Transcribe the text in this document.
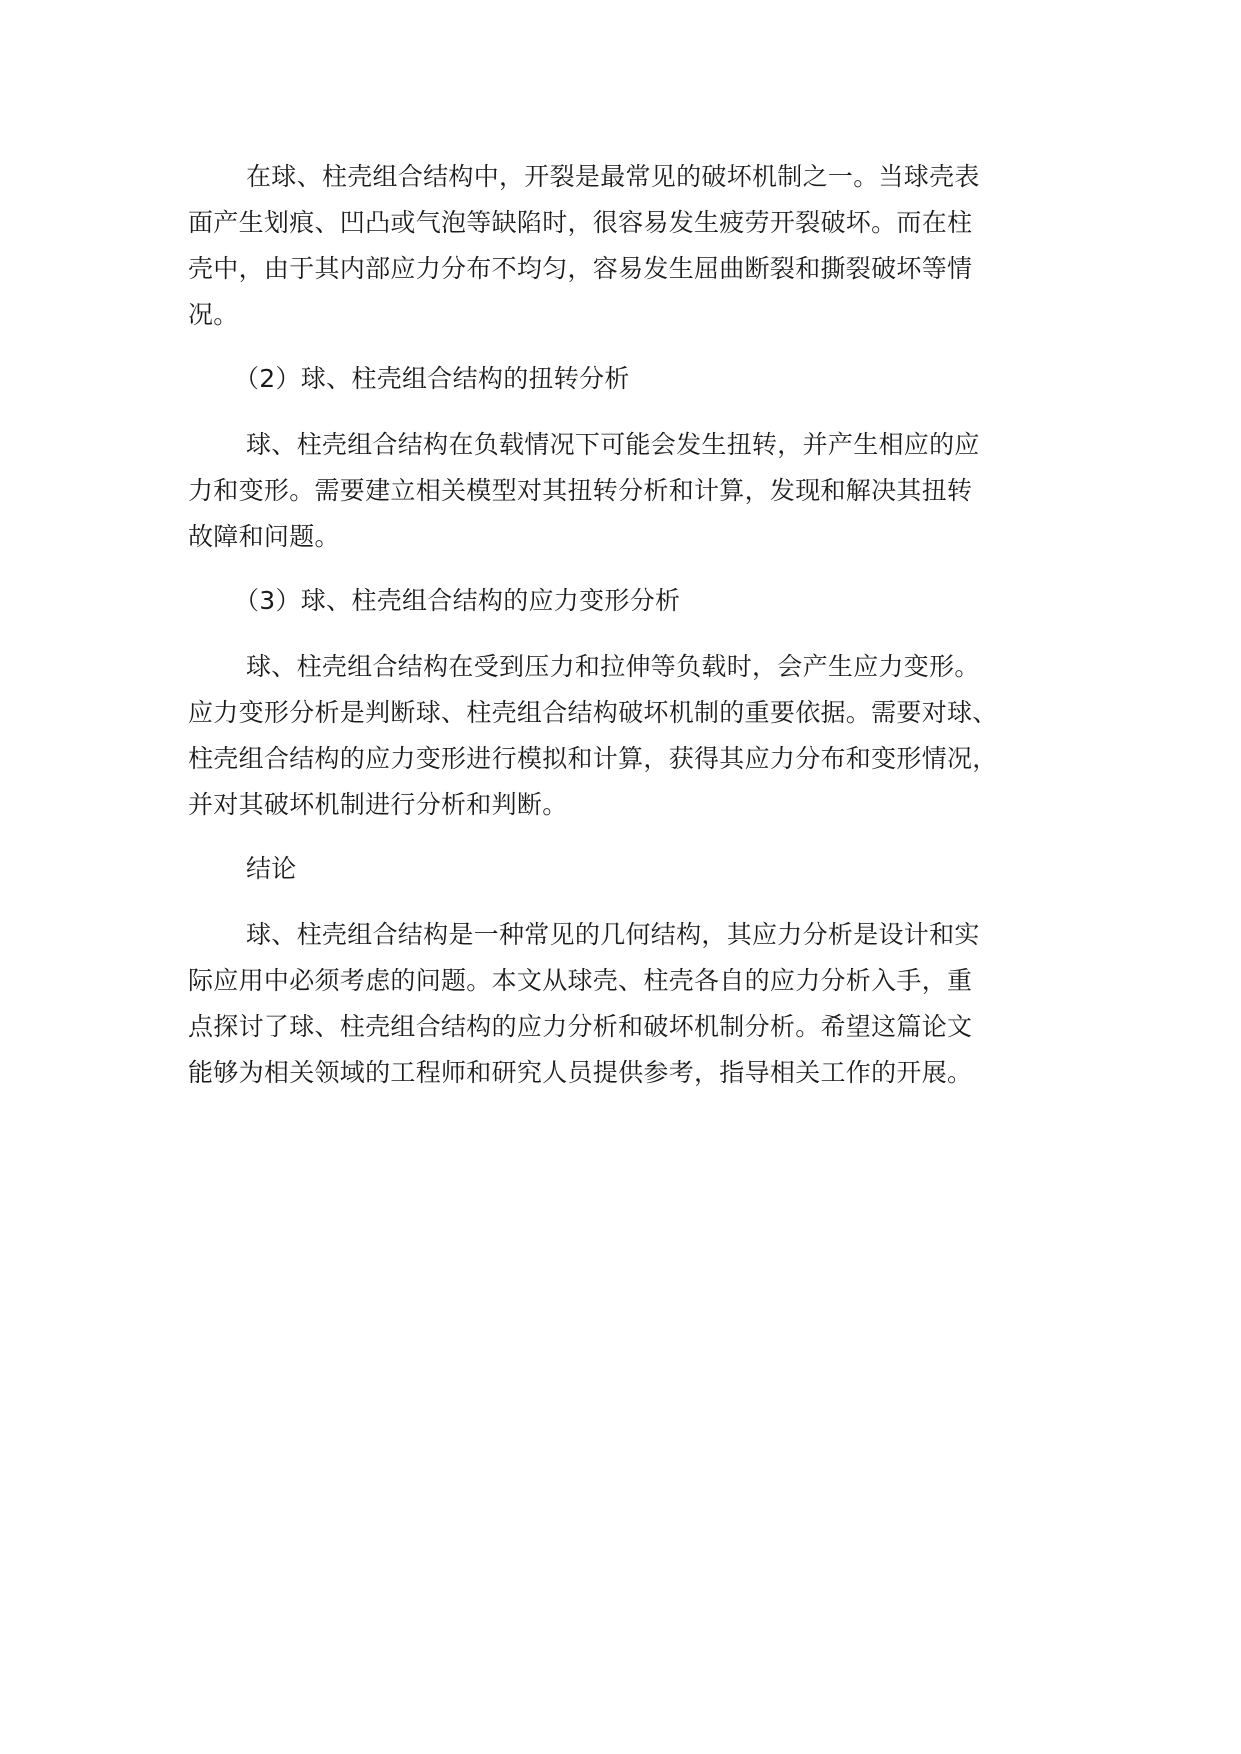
在球、柱壳组合结构中，开裂是最常见的破坏机制之一。当球壳表
面产生划痕、凹凸或气泡等缺陷时，很容易发生疲劳开裂破坏。而在柱
壳中，由于其内部应力分布不均匀，容易发生屈曲断裂和撕裂破坏等情
况。
（2）球、柱壳组合结构的扭转分析
球、柱壳组合结构在负载情况下可能会发生扭转，并产生相应的应
力和变形。需要建立相关模型对其扭转分析和计算，发现和解决其扭转
故障和问题。
（3）球、柱壳组合结构的应力变形分析
球、柱壳组合结构在受到压力和拉伸等负载时，会产生应力变形。
应力变形分析是判断球、柱壳组合结构破坏机制的重要依据。需要对球、
柱壳组合结构的应力变形进行模拟和计算，获得其应力分布和变形情况，
并对其破坏机制进行分析和判断。
结论
球、柱壳组合结构是一种常见的几何结构，其应力分析是设计和实
际应用中必须考虑的问题。本文从球壳、柱壳各自的应力分析入手，重
点探讨了球、柱壳组合结构的应力分析和破坏机制分析。希望这篇论文
能够为相关领域的工程师和研究人员提供参考，指导相关工作的开展。
